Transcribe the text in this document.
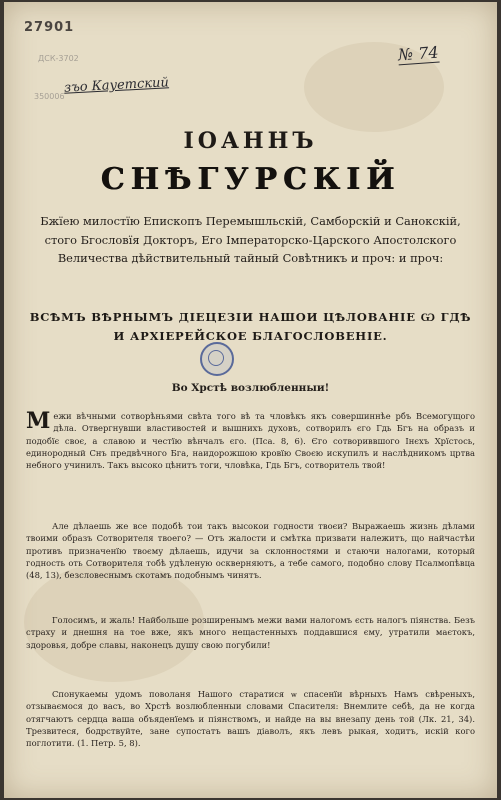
27901
ДСК-3702
350006
зъо Кауетский
№ 74
ІОАННЪ
СНѢГУРСКІЙ
Бжїею милостїю Епископъ Перемышльскій, Самборскій и Санокскій, стого Бгословїя Докторъ, Его Імператорско-Царского Апостолского Величества дѣйствительный тайный Совѣтникъ и проч: и проч:
ВСѢМЪ ВѢРНЫМЪ ДІЕЦЕЗІИ НАШОИ ЦѢЛОВАНІЕ Ѡ ГДѢ И АРХІЕРЕЙСКОЕ БЛАГОСЛОВЕНІЕ.
Во Хрстѣ возлюбленныи!
Межи вѣчными сотворѣньями свѣта того вѣ та чловѣкъ якъ совершиннѣе рбъ Всемогущого дѣла. Отвергнувши властивостей и вышнихъ духовъ, сотворилъ єго Гдь Бгъ на образъ и подобїє своє, а славою и честїю вѣнчалъ єго. (Пса. 8, 6). Єго сотвориввшого Інєхъ Хрїстось, единородный Снъ предвѣчного Бга, наидорожшою кровїю Своєю искупилъ и наслѣдникомъ цртва небного учинилъ. Такъ высоко цѣнитъ тоги, чловѣка, Гдь Бгъ, сотворитель твой!
Але дѣлаешь же все подобѣ тои такъ высокои годности твоєи? Выражаешь жизнь дѣлами твоими образъ Сотворителя твоего? — Отъ жалости и смѣтка призвати належитъ, що найчастѣи противъ призначенїю твоєму дѣлаешь, идучи за склонностями и стаючи налогами, который годность оть Сотворителя тобѣ удѣленую оскверняютъ, а тебе самого, подобно слову Псалмопѣвца (48, 13), безсловеснымъ скотамъ подобнымъ чинятъ.
Голосимъ, и жаль! Найбольше розширенымъ межи вами налогомъ єсть налогъ піянства. Безъ страху и днешня на тое вже, якъ много нещастенныхъ поддавшися єму, утратили маєтокъ, здоровья, добре славы, наконецъ душу свою погубили!
Спонукаемы удомъ поволаня Нашого старатися ѡ спасенїи вѣрныхъ Намъ свѣреныхъ, отзываємося до васъ, во Хрстѣ возлюбленныи словами Спасителя: Внемлите себѣ, да не когда отягчаютъ сердца ваша объяденїемъ и піянствомъ, и найде на вы внезапу день той (Лк. 21, 34). Трезвитеся, бодрствуйте, зане супостатъ вашъ діаволъ, якъ левъ рыкая, ходитъ, искій кого поглотити. (1. Петр. 5, 8).
